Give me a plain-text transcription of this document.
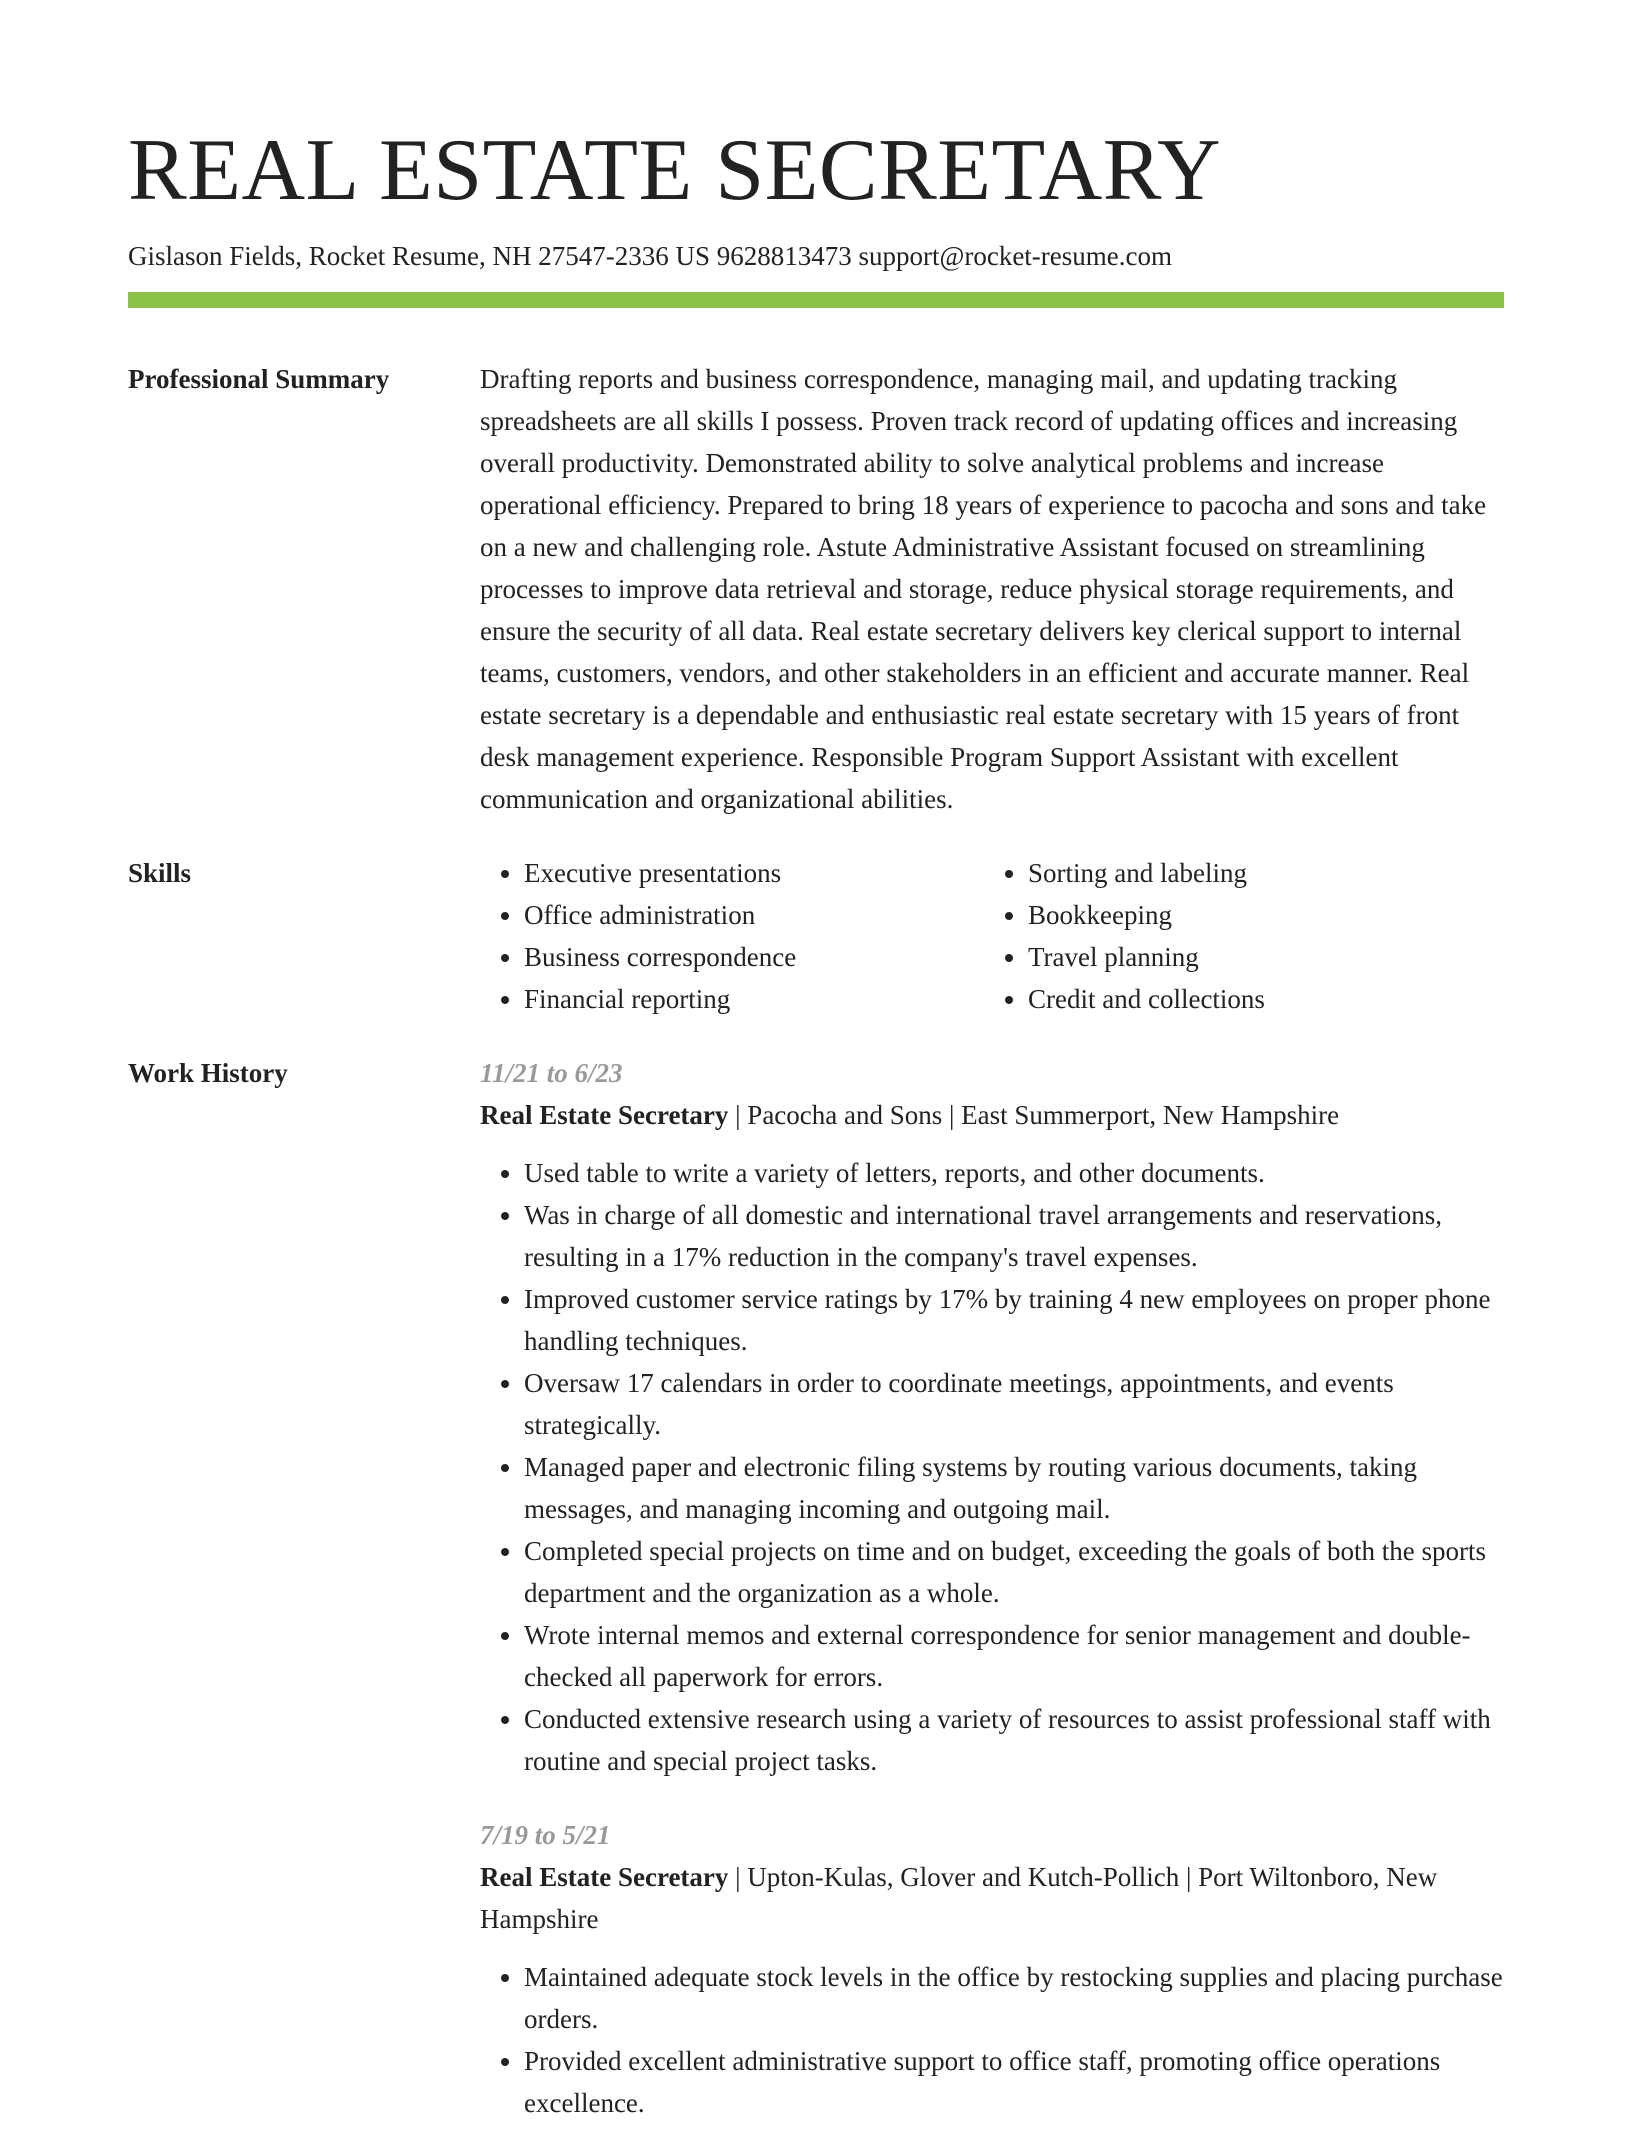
REAL ESTATE SECRETARY
Gislason Fields, Rocket Resume, NH 27547-2336 US 9628813473 support@rocket-resume.com
Professional Summary	Drafting reports and business correspondence, managing mail, and updating tracking spreadsheets are all skills I possess. Proven track record of updating offices and increasing overall productivity. Demonstrated ability to solve analytical problems and increase operational efficiency. Prepared to bring 18 years of experience to pacocha and sons and take on a new and challenging role. Astute Administrative Assistant focused on streamlining processes to improve data retrieval and storage, reduce physical storage requirements, and ensure the security of all data. Real estate secretary delivers key clerical support to internal teams, customers, vendors, and other stakeholders in an efficient and accurate manner. Real estate secretary is a dependable and enthusiastic real estate secretary with 15 years of front desk management experience. Responsible Program Support Assistant with excellent communication and organizational abilities.

Skills
•	Executive presentations
• Office administration
• Business correspondence
• Financial reporting
• Sorting and labeling
• Bookkeeping
• Travel planning
• Credit and collections
Work History	11/21 to 6/23
Real Estate Secretary | Pacocha and Sons | East Summerport, New Hampshire
• Used table to write a variety of letters, reports, and other documents.
• Was in charge of all domestic and international travel arrangements and reservations, resulting in a 17% reduction in the company's travel expenses.
• Improved customer service ratings by 17% by training 4 new employees on proper phone handling techniques.
• Oversaw 17 calendars in order to coordinate meetings, appointments, and events strategically.
• Managed paper and electronic filing systems by routing various documents, taking messages, and managing incoming and outgoing mail.
• Completed special projects on time and on budget, exceeding the goals of both the sports department and the organization as a whole.
• Wrote internal memos and external correspondence for senior management and double-checked all paperwork for errors.
• Conducted extensive research using a variety of resources to assist professional staff with routine and special project tasks.
7/19 to 5/21
Real Estate Secretary | Upton-Kulas, Glover and Kutch-Pollich | Port Wiltonboro, New Hampshire
• Maintained adequate stock levels in the office by restocking supplies and placing purchase orders.
• Provided excellent administrative support to office staff, promoting office operations excellence.
